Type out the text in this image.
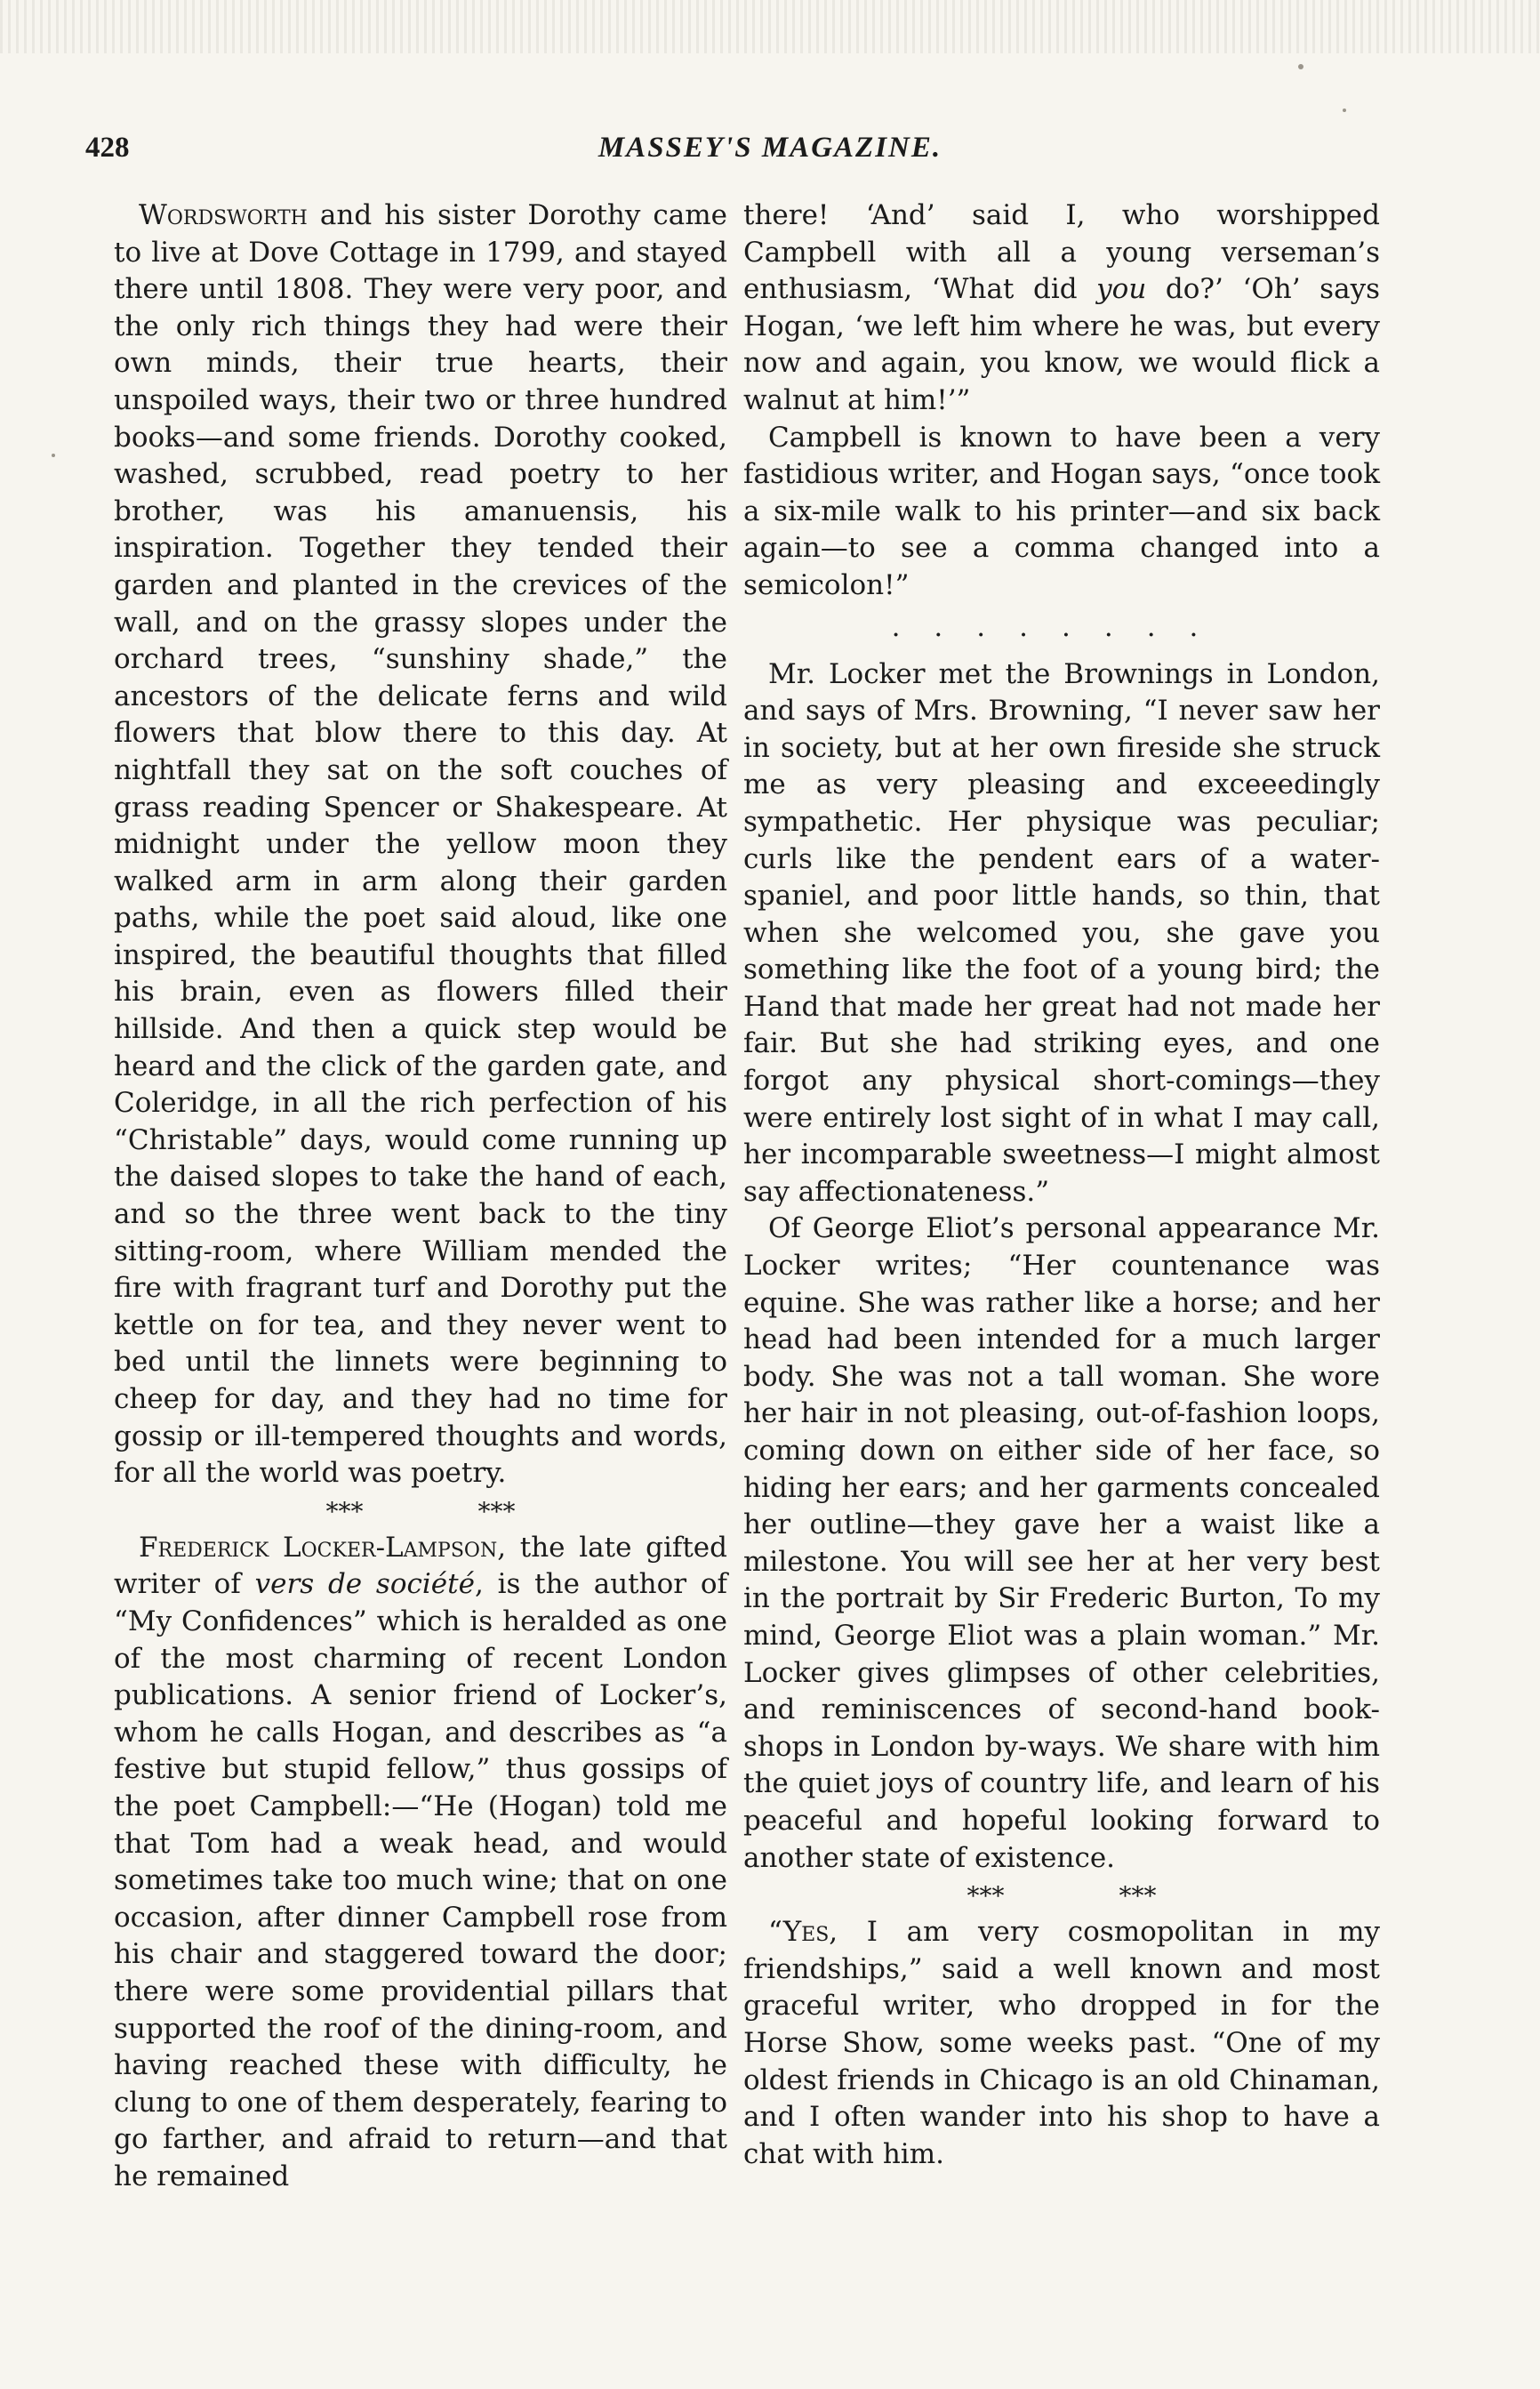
428	MASSEY'S MAGAZINE.

Wordsworth and his sister Dorothy came to live at Dove Cottage in 1799, and stayed there until 1808. They were very poor, and the only rich things they had were their own minds, their true hearts, their unspoiled ways, their two or three hundred books—and some friends. Dorothy cooked, washed, scrubbed, read poetry to her brother, was his amanuensis, his inspiration. Together they tended their garden and planted in the crevices of the wall, and on the grassy slopes under the orchard trees, “sunshiny shade,” the ancestors of the delicate ferns and wild flowers that blow there to this day. At nightfall they sat on the soft couches of grass reading Spencer or Shakespeare. At midnight under the yellow moon they walked arm in arm along their garden paths, while the poet said aloud, like one inspired, the beautiful thoughts that filled his brain, even as flowers filled their hillside. And then a quick step would be heard and the click of the garden gate, and Coleridge, in all the rich perfection of his “Christable” days, would come running up the daised slopes to take the hand of each, and so the three went back to the tiny sitting-room, where William mended the fire with fragrant turf and Dorothy put the kettle on for tea, and they never went to bed until the linnets were beginning to cheep for day, and they had no time for gossip or ill-tempered thoughts and words, for all the world was poetry.

*** ***

Frederick Locker-Lampson, the late gifted writer of vers de société, is the author of “My Confidences” which is heralded as one of the most charming of recent London publications. A senior friend of Locker’s, whom he calls Hogan, and describes as “a festive but stupid fellow,” thus gossips of the poet Campbell:—“He (Hogan) told me that Tom had a weak head, and would sometimes take too much wine; that on one occasion, after dinner Campbell rose from his chair and staggered toward the door; there were some providential pillars that supported the roof of the dining-room, and having reached these with difficulty, he clung to one of them desperately, fearing to go farther, and afraid to return—and that he remained

there! ‘And’ said I, who worshipped Campbell with all a young verseman’s enthusiasm, ‘What did you do?’ ‘Oh’ says Hogan, ‘we left him where he was, but every now and again, you know, we would flick a walnut at him!’”

Campbell is known to have been a very fastidious writer, and Hogan says, “once took a six-mile walk to his printer—and six back again—to see a comma changed into a semicolon!”

........

Mr. Locker met the Brownings in London, and says of Mrs. Browning, “I never saw her in society, but at her own fireside she struck me as very pleasing and exceeedingly sympathetic. Her physique was peculiar; curls like the pendent ears of a water-spaniel, and poor little hands, so thin, that when she welcomed you, she gave you something like the foot of a young bird; the Hand that made her great had not made her fair. But she had striking eyes, and one forgot any physical short-comings—they were entirely lost sight of in what I may call, her incomparable sweetness—I might almost say affectionateness.”

Of George Eliot’s personal appearance Mr. Locker writes; “Her countenance was equine. She was rather like a horse; and her head had been intended for a much larger body. She was not a tall woman. She wore her hair in not pleasing, out-of-fashion loops, coming down on either side of her face, so hiding her ears; and her garments concealed her outline—they gave her a waist like a milestone. You will see her at her very best in the portrait by Sir Frederic Burton, To my mind, George Eliot was a plain woman.” Mr. Locker gives glimpses of other celebrities, and reminiscences of second-hand book-shops in London by-ways. We share with him the quiet joys of country life, and learn of his peaceful and hopeful looking forward to another state of existence.

*** ***

“Yes, I am very cosmopolitan in my friendships,” said a well known and most graceful writer, who dropped in for the Horse Show, some weeks past. “One of my oldest friends in Chicago is an old Chinaman, and I often wander into his shop to have a chat with him.
